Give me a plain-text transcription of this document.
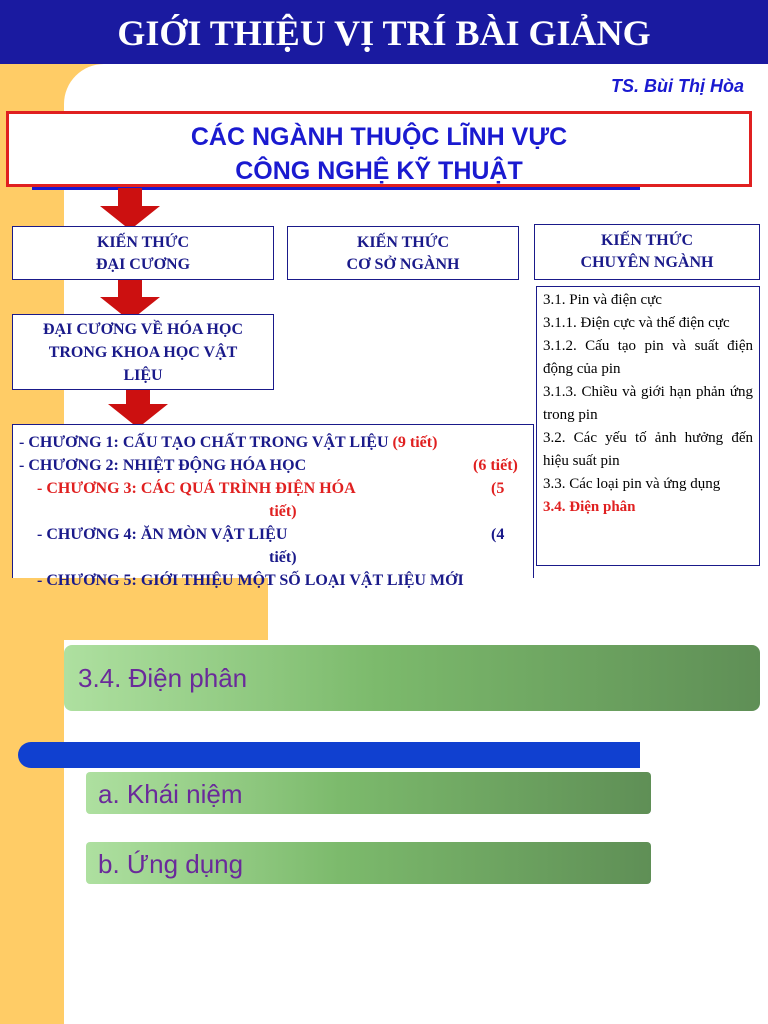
GIỚI THIỆU VỊ TRÍ BÀI GIẢNG
TS. Bùi Thị Hòa
CÁC NGÀNH THUỘC LĨNH VỰC
CÔNG NGHỆ KỸ THUẬT
KIẾN THỨC
ĐẠI CƯƠNG
KIẾN THỨC
CƠ SỞ NGÀNH
KIẾN THỨC
CHUYÊN NGÀNH
ĐẠI CƯƠNG VỀ HÓA HỌC
TRONG KHOA HỌC VẬT
LIỆU
3.1. Pin và điện cực
3.1.1. Điện cực và thế điện cực
3.1.2. Cấu tạo pin và suất điện động của pin
3.1.3. Chiều và giới hạn phản ứng trong pin
3.2. Các yếu tố ảnh hưởng đến hiệu suất pin
3.3. Các loại pin và ứng dụng
3.4. Điện phân
- CHƯƠNG 1: CẤU TẠO CHẤT TRONG VẬT LIỆU (9 tiết)
- CHƯƠNG 2: NHIỆT ĐỘNG HÓA HỌC	(6 tiết)
- CHƯƠNG 3: CÁC QUÁ TRÌNH ĐIỆN HÓA	(5
tiết)
- CHƯƠNG 4: ĂN MÒN VẬT LIỆU	(4
tiết)
- CHƯƠNG 5: GIỚI THIỆU MỘT SỐ LOẠI VẬT LIỆU MỚI
3.4. Điện phân
a. Khái niệm
b. Ứng dụng
